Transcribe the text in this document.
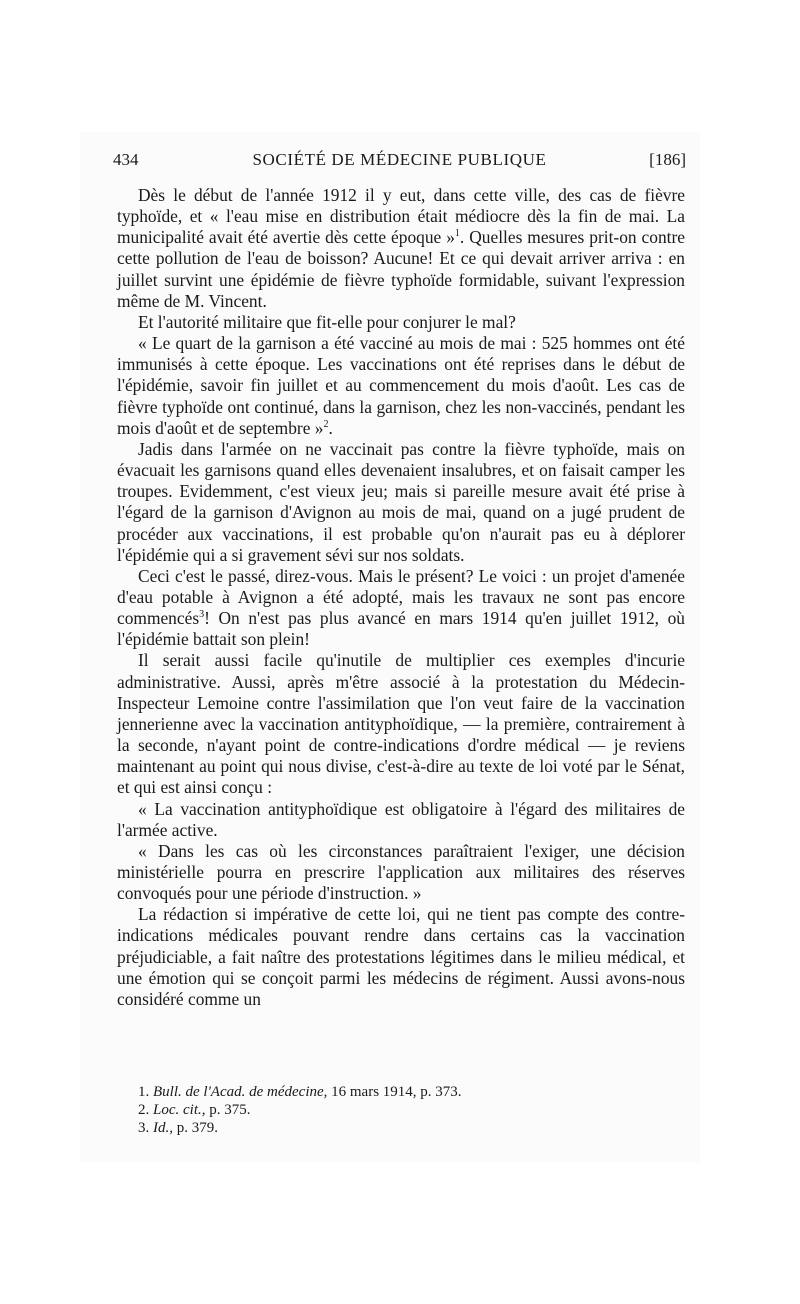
434	SOCIÉTÉ DE MÉDECINE PUBLIQUE	[186]

Dès le début de l'année 1912 il y eut, dans cette ville, des cas de fièvre typhoïde, et « l'eau mise en distribution était médiocre dès la fin de mai. La municipalité avait été avertie dès cette époque »$^1$. Quelles mesures prit-on contre cette pollution de l'eau de boisson? Aucune! Et ce qui devait arriver arriva : en juillet survint une épidémie de fièvre typhoïde formidable, suivant l'expression même de M. Vincent.

Et l'autorité militaire que fit-elle pour conjurer le mal?

« Le quart de la garnison a été vacciné au mois de mai : 525 hommes ont été immunisés à cette époque. Les vaccinations ont été reprises dans le début de l'épidémie, savoir fin juillet et au commencement du mois d'août. Les cas de fièvre typhoïde ont continué, dans la garnison, chez les non-vaccinés, pendant les mois d'août et de septembre »$^2$.

Jadis dans l'armée on ne vaccinait pas contre la fièvre typhoïde, mais on évacuait les garnisons quand elles devenaient insalubres, et on faisait camper les troupes. Evidemment, c'est vieux jeu; mais si pareille mesure avait été prise à l'égard de la garnison d'Avignon au mois de mai, quand on a jugé prudent de procéder aux vaccinations, il est probable qu'on n'aurait pas eu à déplorer l'épidémie qui a si gravement sévi sur nos soldats.

Ceci c'est le passé, direz-vous. Mais le présent? Le voici : un projet d'amenée d'eau potable à Avignon a été adopté, mais les travaux ne sont pas encore commencés$^3$! On n'est pas plus avancé en mars 1914 qu'en juillet 1912, où l'épidémie battait son plein!

Il serait aussi facile qu'inutile de multiplier ces exemples d'incurie administrative. Aussi, après m'être associé à la protestation du Médecin-Inspecteur Lemoine contre l'assimilation que l'on veut faire de la vaccination jennerienne avec la vaccination antityphoïdique, — la première, contrairement à la seconde, n'ayant point de contre-indications d'ordre médical — je reviens maintenant au point qui nous divise, c'est-à-dire au texte de loi voté par le Sénat, et qui est ainsi conçu :

« La vaccination antityphoïdique est obligatoire à l'égard des militaires de l'armée active.

« Dans les cas où les circonstances paraîtraient l'exiger, une décision ministérielle pourra en prescrire l'application aux militaires des réserves convoqués pour une période d'instruction. »

La rédaction si impérative de cette loi, qui ne tient pas compte des contre-indications médicales pouvant rendre dans certains cas la vaccination préjudiciable, a fait naître des protestations légitimes dans le milieu médical, et une émotion qui se conçoit parmi les médecins de régiment. Aussi avons-nous considéré comme un

1. Bull. de l'Acad. de médecine, 16 mars 1914, p. 373.
2. Loc. cit., p. 375.
3. Id., p. 379.
